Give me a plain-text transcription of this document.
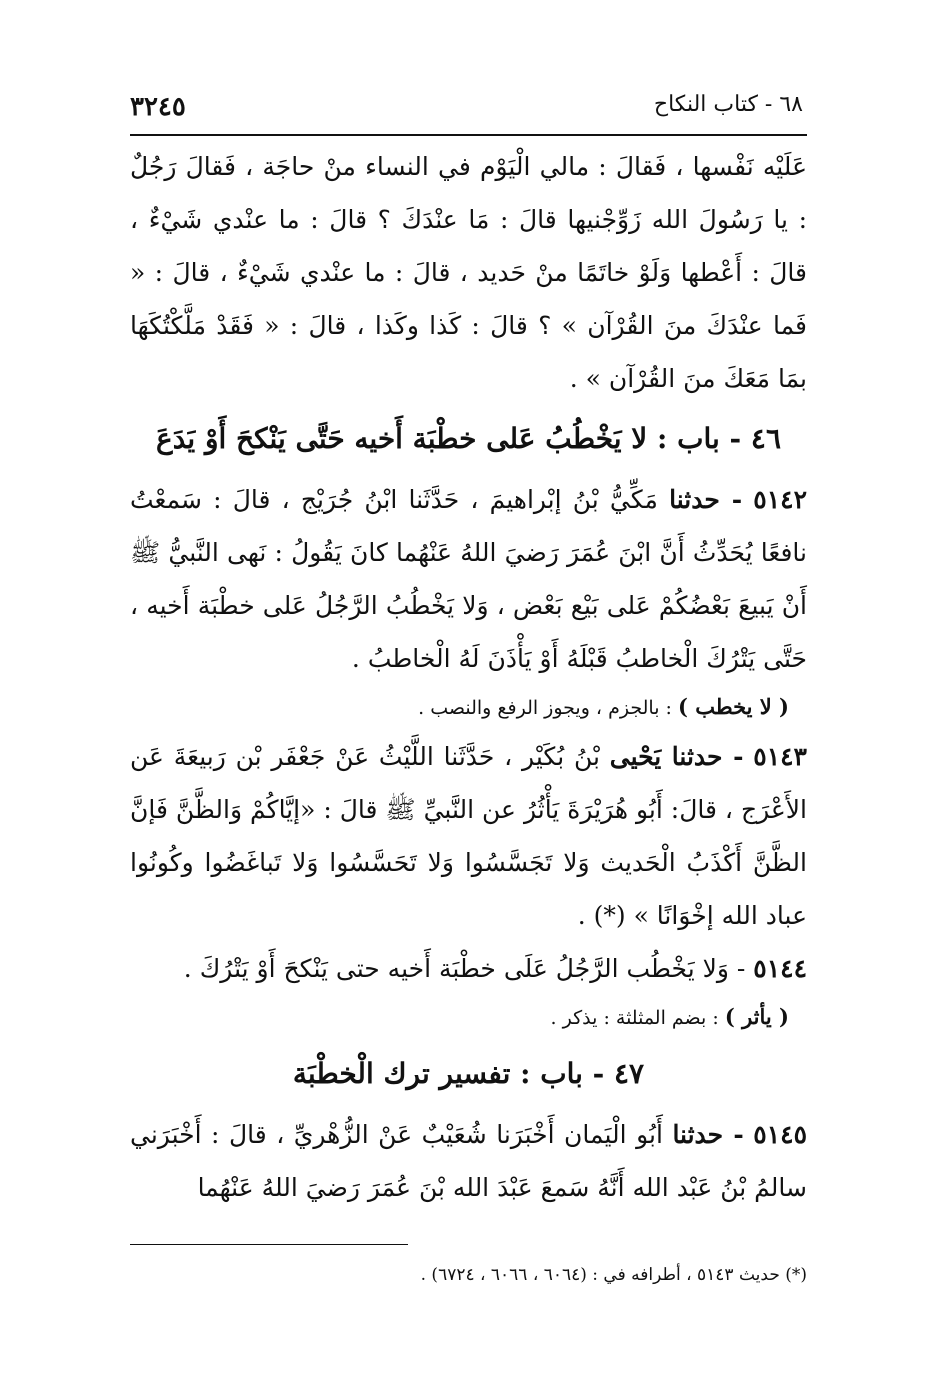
٦٨ - كتاب النكاح
٣٢٤٥

عَلَيْه نَفْسها ، فَقالَ : مالي الْيَوْم في النساء منْ حاجَة ، فَقالَ رَجُلٌ : يا رَسُولَ الله زَوِّجْنيها قالَ : مَا عنْدَكَ ؟ قالَ : ما عنْدي شَيْءٌ ، قالَ : أَعْطها وَلَوْ خاتَمًا منْ حَديد ، قالَ : ما عنْدي شَيْءٌ ، قالَ : « فَما عنْدَكَ منَ القُرْآن » ؟ قالَ : كَذا وكَذا ، قالَ : « فَقَدْ مَلَّكْتُكَهَا بمَا مَعَكَ منَ القُرْآن » .

٤٦ - باب : لا يَخْطُبُ عَلى خطْبَة أَخيه حَتَّى يَنْكحَ أَوْ يَدَعَ

٥١٤٢ - حدثنا مَكِّيُّ بْنُ إبْراهيمَ ، حَدَّثَنا ابْنُ جُرَيْج ، قالَ : سَمعْتُ نافعًا يُحَدِّثُ أَنَّ ابْنَ عُمَرَ رَضيَ اللهُ عَنْهُما كانَ يَقُولُ : نَهى النَّبيُّ ﷺ أَنْ يَبيعَ بَعْضُكُمْ عَلى بَيْع بَعْض ، وَلا يَخْطُبُ الرَّجُلُ عَلى خطْبَة أَخيه ، حَتَّى يَتْرُكَ الْخاطبُ قَبْلَهُ أَوْ يَأْذَنَ لَهُ الْخاطبُ .

( لا يخطب ) : بالجزم ، ويجوز الرفع والنصب .

٥١٤٣ - حدثنا يَحْيى بْنُ بُكَيْر ، حَدَّثَنا اللَّيْثُ عَنْ جَعْفَر بْن رَبيعَةَ عَن الأَعْرَج ، قالَ: أَبُو هُرَيْرَةَ يَأْثُرُ عن النَّبيِّ ﷺ قالَ : «إيَّاكُمْ وَالظَّنَّ فَإنَّ الظَّنَّ أَكْذَبُ الْحَديث وَلا تَجَسَّسُوا وَلا تَحَسَّسُوا وَلا تَباغَضُوا وكُونُوا عباد الله إخْوَانًا » (*) .

٥١٤٤ - وَلا يَخْطُب الرَّجُلُ عَلَى خطْبَة أَخيه حتى يَنْكحَ أَوْ يَتْرُكَ .

( يأثر ) : بضم المثلثة : يذكر .

٤٧ - باب : تفسير ترك الْخطْبَة

٥١٤٥ - حدثنا أَبُو الْيَمان أَخْبَرَنا شُعَيْبٌ عَنْ الزُّهْريِّ ، قالَ : أَخْبَرَني سالمُ بْنُ عَبْد الله أَنَّهُ سَمعَ عَبْدَ الله بْنَ عُمَرَ رَضيَ اللهُ عَنْهُما

(*) حديث ٥١٤٣ ، أطرافه في : (٦٠٦٤ ، ٦٠٦٦ ، ٦٧٢٤) .
